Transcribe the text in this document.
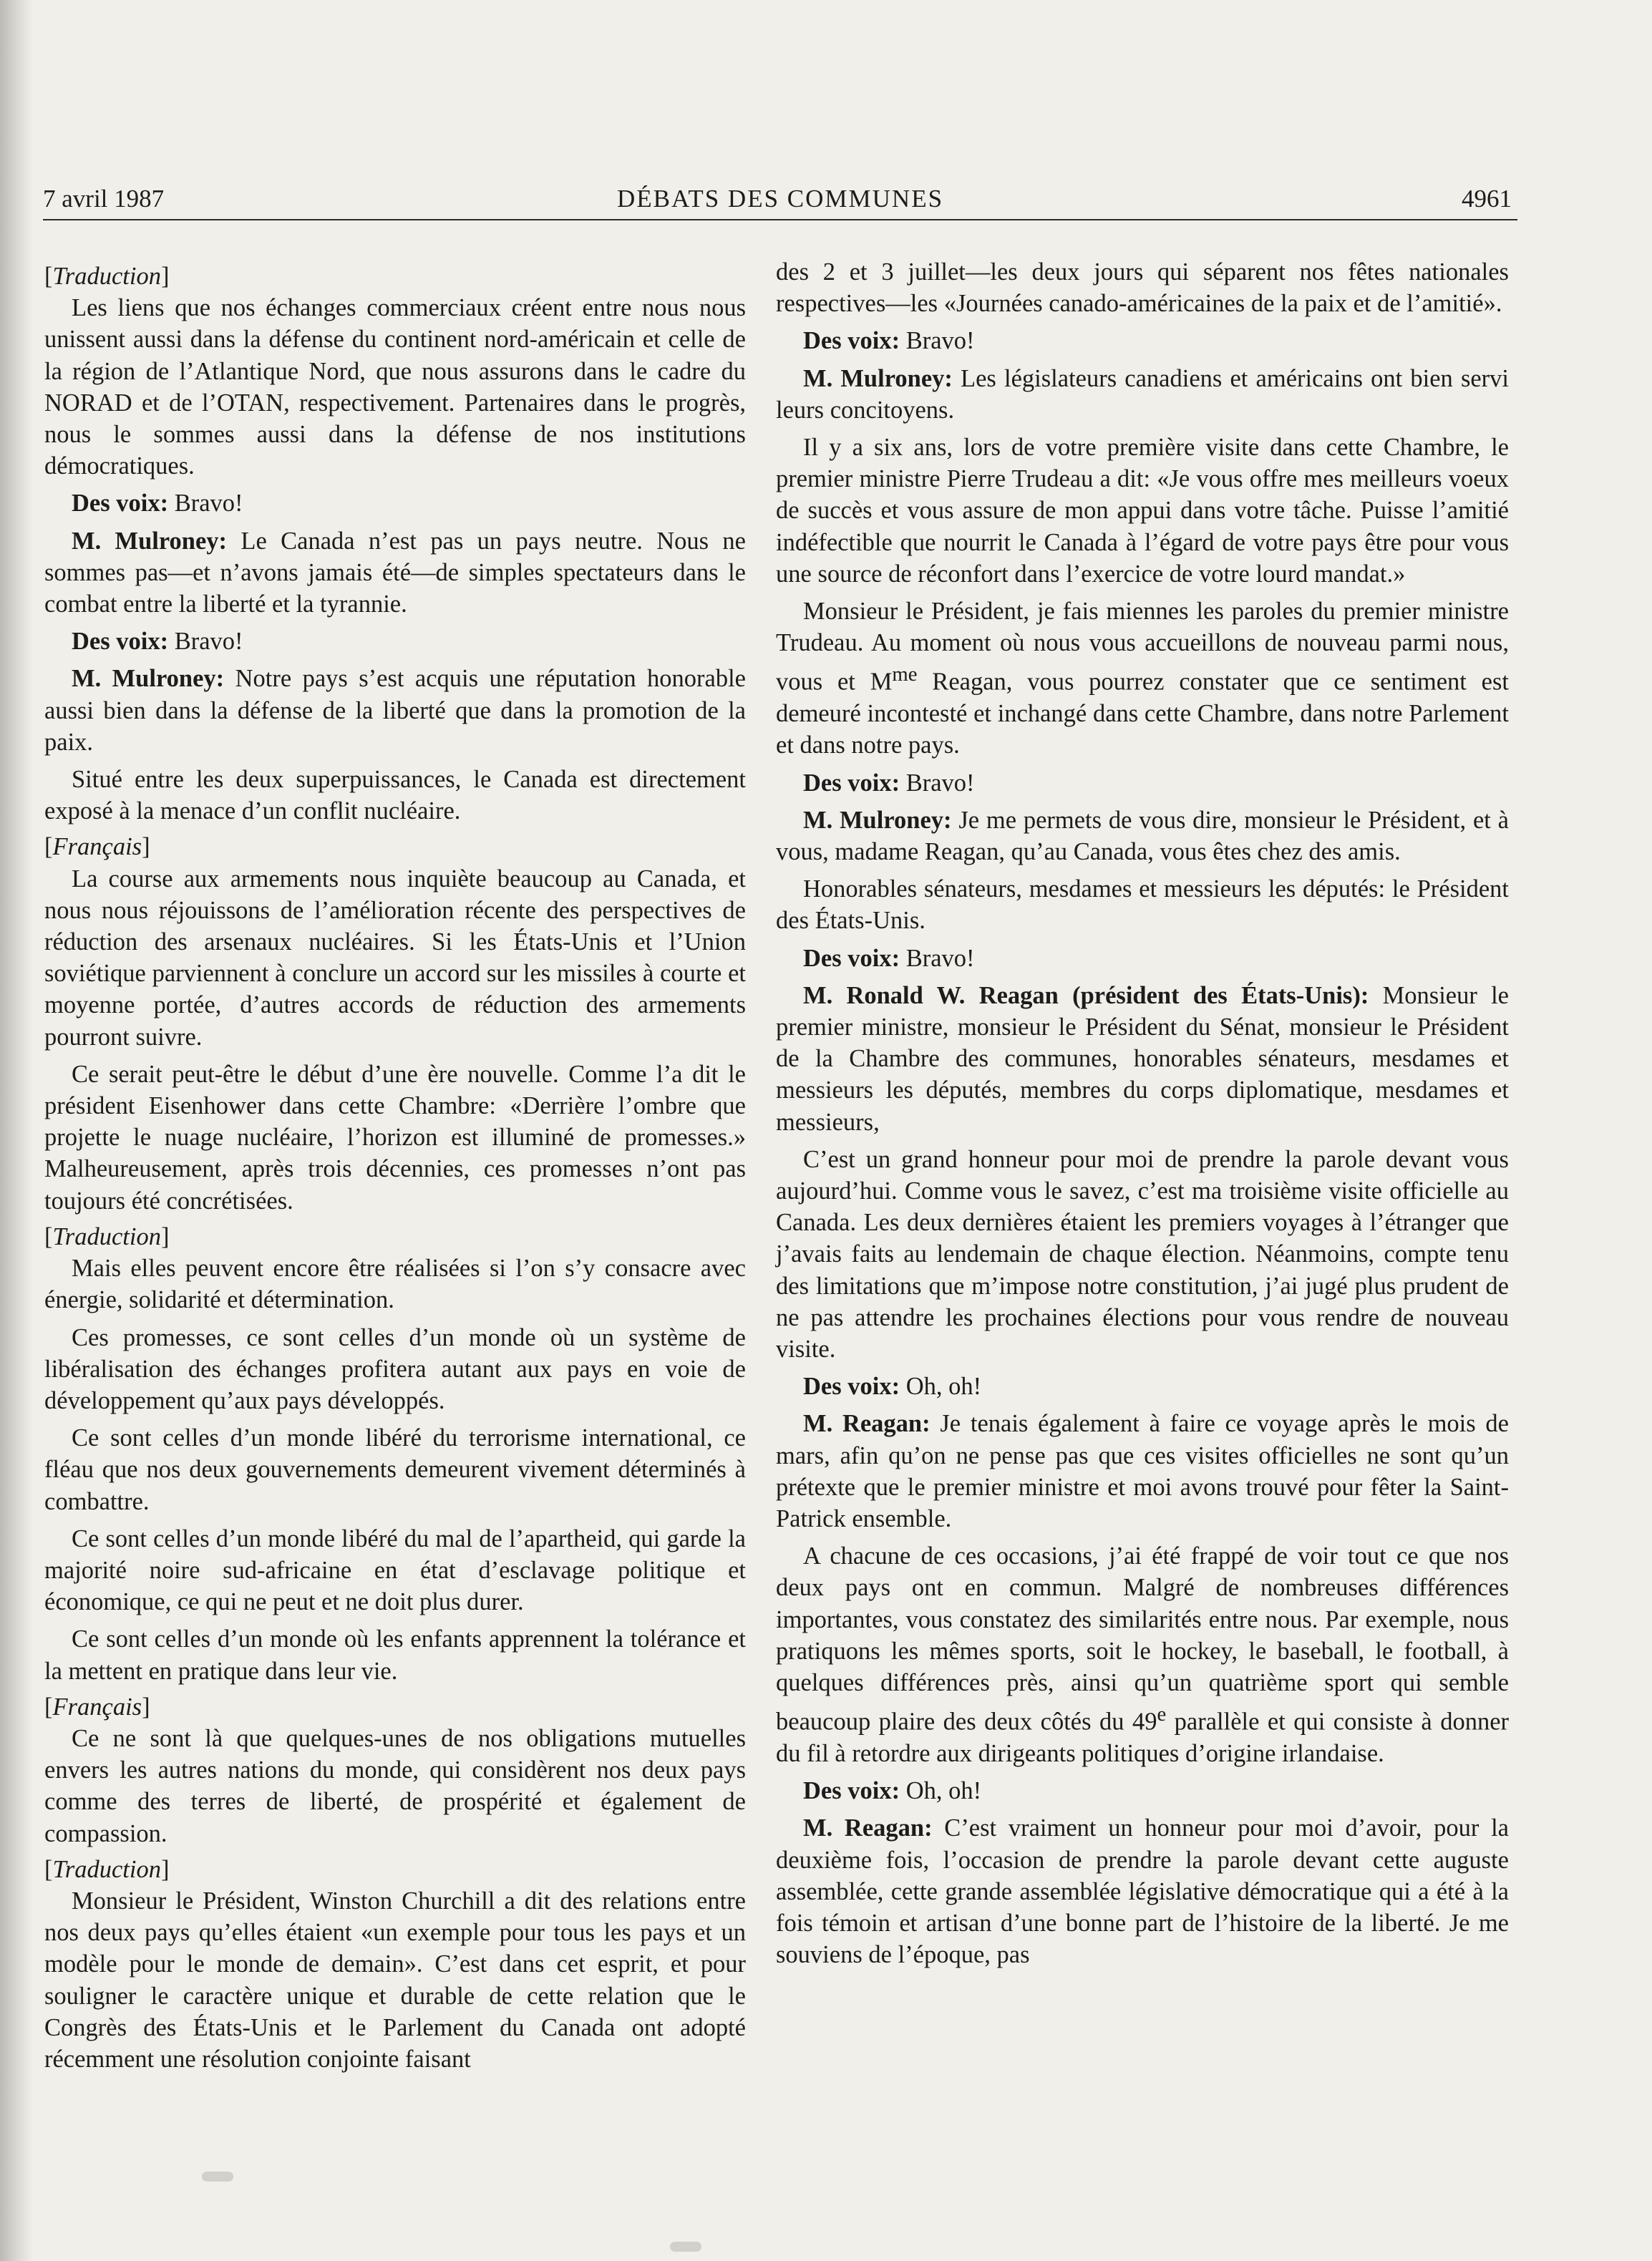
7 avril 1987	DÉBATS DES COMMUNES	4961

[Traduction]

Les liens que nos échanges commerciaux créent entre nous nous unissent aussi dans la défense du continent nord-américain et celle de la région de l’Atlantique Nord, que nous assurons dans le cadre du NORAD et de l’OTAN, respectivement. Partenaires dans le progrès, nous le sommes aussi dans la défense de nos institutions démocratiques.

Des voix: Bravo!

M. Mulroney: Le Canada n’est pas un pays neutre. Nous ne sommes pas—et n’avons jamais été—de simples spectateurs dans le combat entre la liberté et la tyrannie.

Des voix: Bravo!

M. Mulroney: Notre pays s’est acquis une réputation honorable aussi bien dans la défense de la liberté que dans la promotion de la paix.

Situé entre les deux superpuissances, le Canada est directement exposé à la menace d’un conflit nucléaire.

[Français]

La course aux armements nous inquiète beaucoup au Canada, et nous nous réjouissons de l’amélioration récente des perspectives de réduction des arsenaux nucléaires. Si les États-Unis et l’Union soviétique parviennent à conclure un accord sur les missiles à courte et moyenne portée, d’autres accords de réduction des armements pourront suivre.

Ce serait peut-être le début d’une ère nouvelle. Comme l’a dit le président Eisenhower dans cette Chambre: «Derrière l’ombre que projette le nuage nucléaire, l’horizon est illuminé de promesses.» Malheureusement, après trois décennies, ces promesses n’ont pas toujours été concrétisées.

[Traduction]

Mais elles peuvent encore être réalisées si l’on s’y consacre avec énergie, solidarité et détermination.

Ces promesses, ce sont celles d’un monde où un système de libéralisation des échanges profitera autant aux pays en voie de développement qu’aux pays développés.

Ce sont celles d’un monde libéré du terrorisme international, ce fléau que nos deux gouvernements demeurent vivement déterminés à combattre.

Ce sont celles d’un monde libéré du mal de l’apartheid, qui garde la majorité noire sud-africaine en état d’esclavage politique et économique, ce qui ne peut et ne doit plus durer.

Ce sont celles d’un monde où les enfants apprennent la tolérance et la mettent en pratique dans leur vie.

[Français]

Ce ne sont là que quelques-unes de nos obligations mutuelles envers les autres nations du monde, qui considèrent nos deux pays comme des terres de liberté, de prospérité et également de compassion.

[Traduction]

Monsieur le Président, Winston Churchill a dit des relations entre nos deux pays qu’elles étaient «un exemple pour tous les pays et un modèle pour le monde de demain». C’est dans cet esprit, et pour souligner le caractère unique et durable de cette relation que le Congrès des États-Unis et le Parlement du Canada ont adopté récemment une résolution conjointe faisant

des 2 et 3 juillet—les deux jours qui séparent nos fêtes nationales respectives—les «Journées canado-américaines de la paix et de l’amitié».

Des voix: Bravo!

M. Mulroney: Les législateurs canadiens et américains ont bien servi leurs concitoyens.

Il y a six ans, lors de votre première visite dans cette Chambre, le premier ministre Pierre Trudeau a dit: «Je vous offre mes meilleurs voeux de succès et vous assure de mon appui dans votre tâche. Puisse l’amitié indéfectible que nourrit le Canada à l’égard de votre pays être pour vous une source de réconfort dans l’exercice de votre lourd mandat.»

Monsieur le Président, je fais miennes les paroles du premier ministre Trudeau. Au moment où nous vous accueillons de nouveau parmi nous, vous et $M^{me}$ Reagan, vous pourrez constater que ce sentiment est demeuré incontesté et inchangé dans cette Chambre, dans notre Parlement et dans notre pays.

Des voix: Bravo!

M. Mulroney: Je me permets de vous dire, monsieur le Président, et à vous, madame Reagan, qu’au Canada, vous êtes chez des amis.

Honorables sénateurs, mesdames et messieurs les députés: le Président des États-Unis.

Des voix: Bravo!

M. Ronald W. Reagan (président des États-Unis): Monsieur le premier ministre, monsieur le Président du Sénat, monsieur le Président de la Chambre des communes, honorables sénateurs, mesdames et messieurs les députés, membres du corps diplomatique, mesdames et messieurs,

C’est un grand honneur pour moi de prendre la parole devant vous aujourd’hui. Comme vous le savez, c’est ma troisième visite officielle au Canada. Les deux dernières étaient les premiers voyages à l’étranger que j’avais faits au lendemain de chaque élection. Néanmoins, compte tenu des limitations que m’impose notre constitution, j’ai jugé plus prudent de ne pas attendre les prochaines élections pour vous rendre de nouveau visite.

Des voix: Oh, oh!

M. Reagan: Je tenais également à faire ce voyage après le mois de mars, afin qu’on ne pense pas que ces visites officielles ne sont qu’un prétexte que le premier ministre et moi avons trouvé pour fêter la Saint-Patrick ensemble.

A chacune de ces occasions, j’ai été frappé de voir tout ce que nos deux pays ont en commun. Malgré de nombreuses différences importantes, vous constatez des similarités entre nous. Par exemple, nous pratiquons les mêmes sports, soit le hockey, le baseball, le football, à quelques différences près, ainsi qu’un quatrième sport qui semble beaucoup plaire des deux côtés du 49e parallèle et qui consiste à donner du fil à retordre aux dirigeants politiques d’origine irlandaise.

Des voix: Oh, oh!

M. Reagan: C’est vraiment un honneur pour moi d’avoir, pour la deuxième fois, l’occasion de prendre la parole devant cette auguste assemblée, cette grande assemblée législative démocratique qui a été à la fois témoin et artisan d’une bonne part de l’histoire de la liberté. Je me souviens de l’époque, pas
